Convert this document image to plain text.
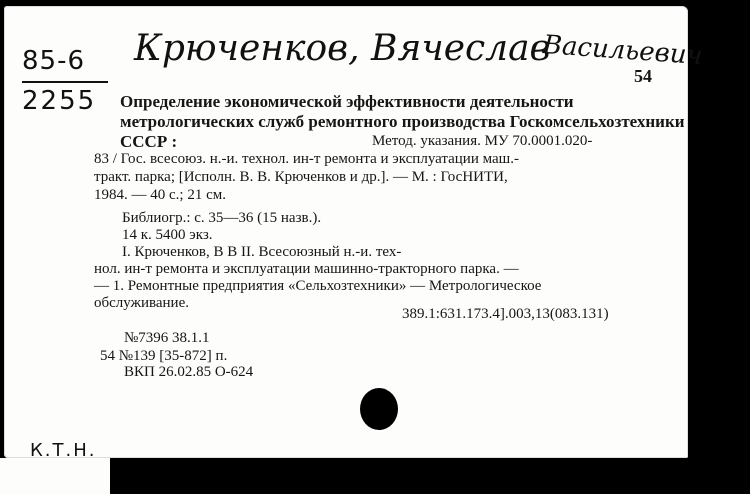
85-6
2255
Крюченков, Вячеслав
Васильевич
54
Определение экономической эффективности деятельности метрологических служб ремонтного производства Госкомсельхозтехники СССР :	Метод. указания. МУ 70.0001.020-
83 / Гос. всесоюз. н.-и. технол. ин-т ремонта и эксплуатации маш.-
тракт. парка; [Исполн. В. В. Крюченков и др.]. — М. : ГосНИТИ,
1984. — 40 с.; 21 см.
Библиогр.: с. 35—36 (15 назв.).
14 к. 5400 экз.
I. Крюченков, В В II. Всесоюзный н.-и. тех-
нол. ин-т ремонта и эксплуатации машинно-тракторного парка. —
— 1. Ремонтные предприятия «Сельхозтехники» — Метрологическое
обслуживание.
389.1:631.173.4].003,13(083.131)
№7396 38.1.1
54 №139 [35-872] п.
ВКП 26.02.85 О-624
К.Т.Н.
